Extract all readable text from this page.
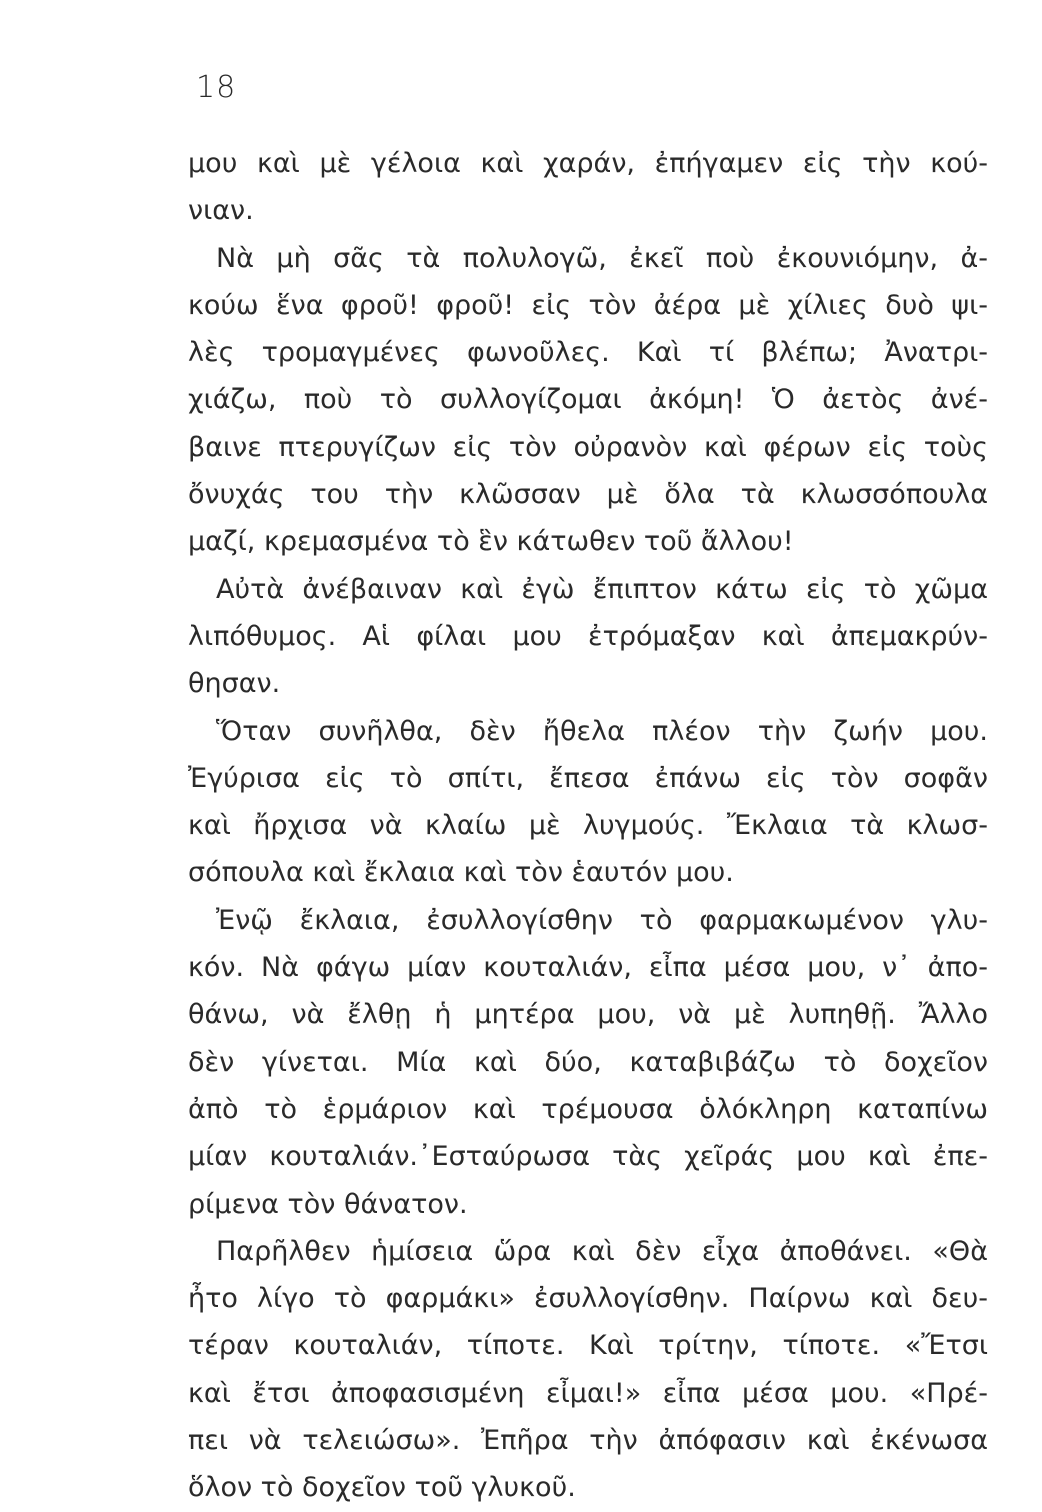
18
μου καὶ μὲ γέλοια καὶ χαράν, ἐπήγαμεν εἰς τὴν κού-
νιαν.
Νὰ μὴ σᾶς τὰ πολυλογῶ, ἐκεῖ ποὺ ἐκουνιόμην, ἀ-
κούω ἕνα φροῦ! φροῦ! εἰς τὸν ἀέρα μὲ χίλιες δυὸ ψι-
λὲς τρομαγμένες φωνοῦλες. Καὶ τί βλέπω; Ἀνατρι-
χιάζω, ποὺ τὸ συλλογίζομαι ἀκόμη! Ὁ ἀετὸς ἀνέ-
βαινε πτερυγίζων εἰς τὸν οὐρανὸν καὶ φέρων εἰς τοὺς
ὄνυχάς του τὴν κλῶσσαν μὲ ὅλα τὰ κλωσσόπουλα
μαζί, κρεμασμένα τὸ ἓν κάτωθεν τοῦ ἄλλου!
Αὐτὰ ἀνέβαιναν καὶ ἐγὼ ἔπιπτον κάτω εἰς τὸ χῶμα
λιπόθυμος. Αἱ φίλαι μου ἐτρόμαξαν καὶ ἀπεμακρύν-
θησαν.
Ὅταν συνῆλθα, δὲν ἤθελα πλέον τὴν ζωήν μου.
Ἐγύρισα εἰς τὸ σπίτι, ἔπεσα ἐπάνω εἰς τὸν σοφᾶν
καὶ ἤρχισα νὰ κλαίω μὲ λυγμούς. Ἔκλαια τὰ κλωσ-
σόπουλα καὶ ἔκλαια καὶ τὸν ἑαυτόν μου.
Ἐνῷ ἔκλαια, ἐσυλλογίσθην τὸ φαρμακωμένον γλυ-
κόν. Νὰ φάγω μίαν κουταλιάν, εἶπα μέσα μου, ν᾿ ἀπο-
θάνω, νὰ ἔλθῃ ἡ μητέρα μου, νὰ μὲ λυπηθῇ. Ἄλλο
δὲν γίνεται. Μία καὶ δύο, καταβιβάζω τὸ δοχεῖον
ἀπὸ τὸ ἑρμάριον καὶ τρέμουσα ὁλόκληρη καταπίνω
μίαν κουταλιάν.᾿Εσταύρωσα τὰς χεῖράς μου καὶ ἐπε-
ρίμενα τὸν θάνατον.
Παρῆλθεν ἡμίσεια ὥρα καὶ δὲν εἶχα ἀποθάνει. «Θὰ
ἦτο λίγο τὸ φαρμάκι» ἐσυλλογίσθην. Παίρνω καὶ δευ-
τέραν κουταλιάν, τίποτε. Καὶ τρίτην, τίποτε. «Ἔτσι
καὶ ἔτσι ἀποφασισμένη εἶμαι!» εἶπα μέσα μου. «Πρέ-
πει νὰ τελειώσω». Ἐπῆρα τὴν ἀπόφασιν καὶ ἐκένωσα
ὅλον τὸ δοχεῖον τοῦ γλυκοῦ.
